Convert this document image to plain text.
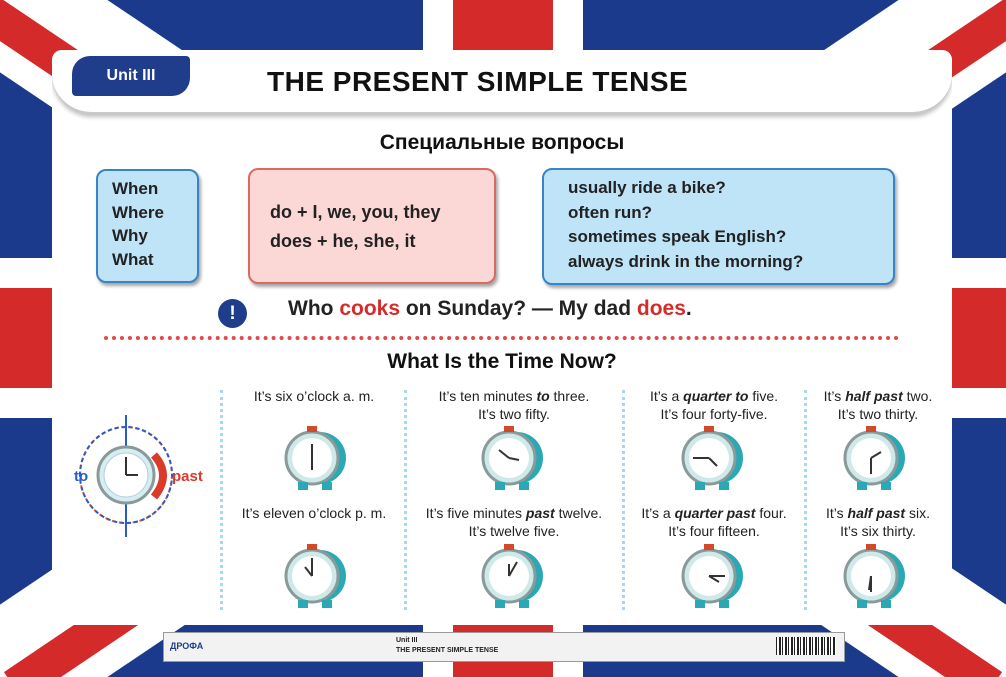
Unit III	THE PRESENT SIMPLE TENSE
Специальные вопросы
When
Where
Why
What
do + I, we, you, they
does + he, she, it
usually ride a bike?
often run?
sometimes speak English?
always drink in the morning?
!	Who cooks on Sunday? — My dad does.
What Is the Time Now?
to	past
It’s six o’clock a. m.	It’s ten minutes to three.
It’s two fifty.
It’s a quarter to five.
It’s four forty-five.
It’s half past two.
It’s two thirty.
It’s eleven o’clock p. m.	It’s five minutes past twelve.
It’s twelve five.
It’s a quarter past four.
It’s four fifteen.
It’s half past six.
It’s six thirty.
ДРОФА
Unit III
THE PRESENT SIMPLE TENSE
